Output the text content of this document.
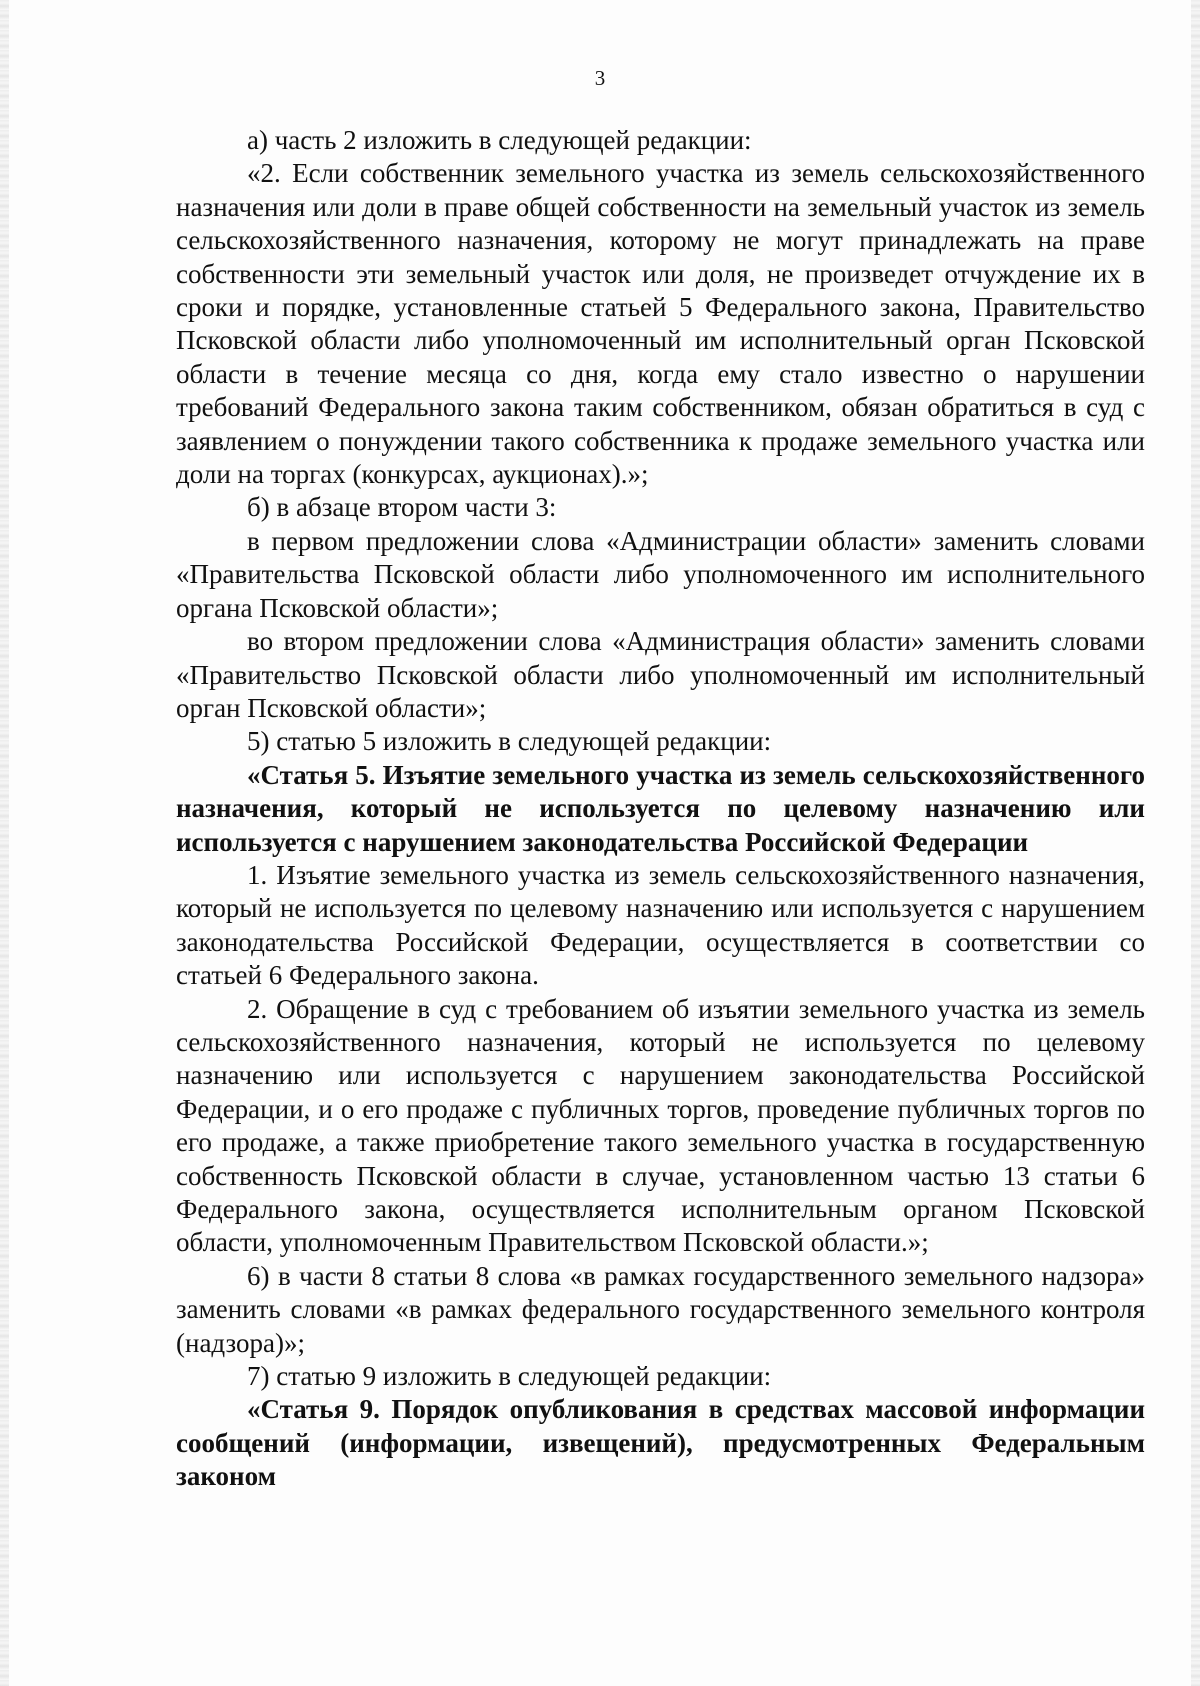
3

а) часть 2 изложить в следующей редакции:

«2. Если собственник земельного участка из земель сельскохозяйственного назначения или доли в праве общей собственности на земельный участок из земель сельскохозяйственного назначения, которому не могут принадлежать на праве собственности эти земельный участок или доля, не произведет отчуждение их в сроки и порядке, установленные статьей 5 Федерального закона, Правительство Псковской области либо уполномоченный им исполнительный орган Псковской области в течение месяца со дня, когда ему стало известно о нарушении требований Федерального закона таким собственником, обязан обратиться в суд с заявлением о понуждении такого собственника к продаже земельного участка или доли на торгах (конкурсах, аукционах).»;

б) в абзаце втором части 3:

в первом предложении слова «Администрации области» заменить словами «Правительства Псковской области либо уполномоченного им исполнительного органа Псковской области»;

во втором предложении слова «Администрация области» заменить словами «Правительство Псковской области либо уполномоченный им исполнительный орган Псковской области»;

5) статью 5 изложить в следующей редакции:

«Статья 5. Изъятие земельного участка из земель сельскохозяйственного назначения, который не используется по целевому назначению или используется с нарушением законодательства Российской Федерации

1. Изъятие земельного участка из земель сельскохозяйственного назначения, который не используется по целевому назначению или используется с нарушением законодательства Российской Федерации, осуществляется в соответствии со статьей 6 Федерального закона.

2. Обращение в суд с требованием об изъятии земельного участка из земель сельскохозяйственного назначения, который не используется по целевому назначению или используется с нарушением законодательства Российской Федерации, и о его продаже с публичных торгов, проведение публичных торгов по его продаже, а также приобретение такого земельного участка в государственную собственность Псковской области в случае, установленном частью 13 статьи 6 Федерального закона, осуществляется исполнительным органом Псковской области, уполномоченным Правительством Псковской области.»;

6) в части 8 статьи 8 слова «в рамках государственного земельного надзора» заменить словами «в рамках федерального государственного земельного контроля (надзора)»;

7) статью 9 изложить в следующей редакции:

«Статья 9. Порядок опубликования в средствах массовой информации сообщений (информации, извещений), предусмотренных Федеральным законом
